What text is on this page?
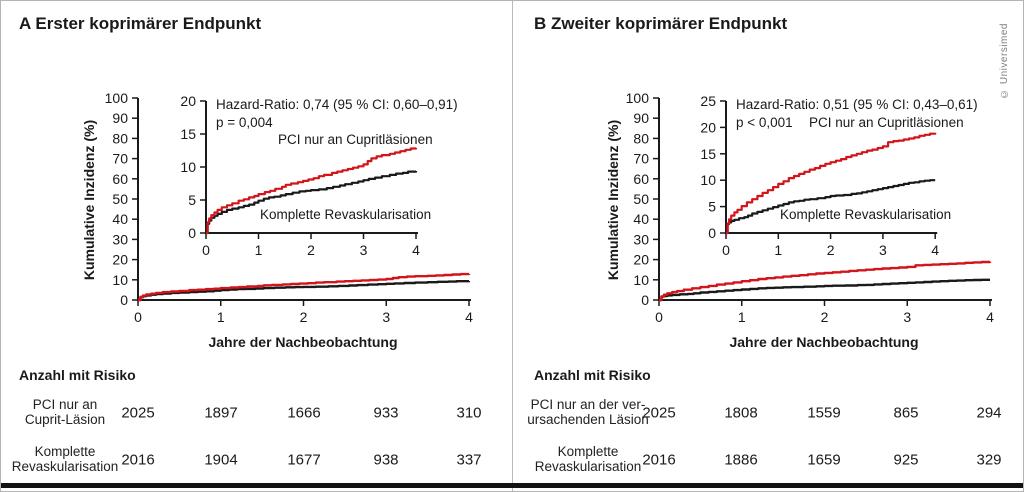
A Erster koprimärer Endpunkt
0
10
20
30
40
50
60
70
80
90
100
0	1	2	3	4
0
5
10
15
20
0	1	2	3	4
Kumulative Inzidenz (%)
Jahre der Nachbeobachtung
Hazard-Ratio: 0,74 (95 % CI: 0,60–0,91)
p = 0,004
PCI nur an Cupritläsionen
Komplette Revaskularisation
Anzahl mit Risiko
PCI nur an
Cuprit-Läsion	2025	1897	1666	933	310
Komplette
Revaskularisation 2016	1904	1677	938	337
B Zweiter koprimärer Endpunkt
0
10
20
30
40
50
60
70
80
90
100
0	1	2	3	4
0
5
10
15
20
25
0	1	2	3	4
Kumulative Inzidenz (%)
Jahre der Nachbeobachtung
Hazard-Ratio: 0,51 (95 % CI: 0,43–0,61)
p < 0,001 PCI nur an Cupritläsionen
Komplette Revaskularisation
Anzahl mit Risiko
PCI nur an der ver-
ursachenden Läsion
2025	1808	1559	865	294
Komplette
Revaskularisation 2016	1886	1659	925	329
© Universimed
